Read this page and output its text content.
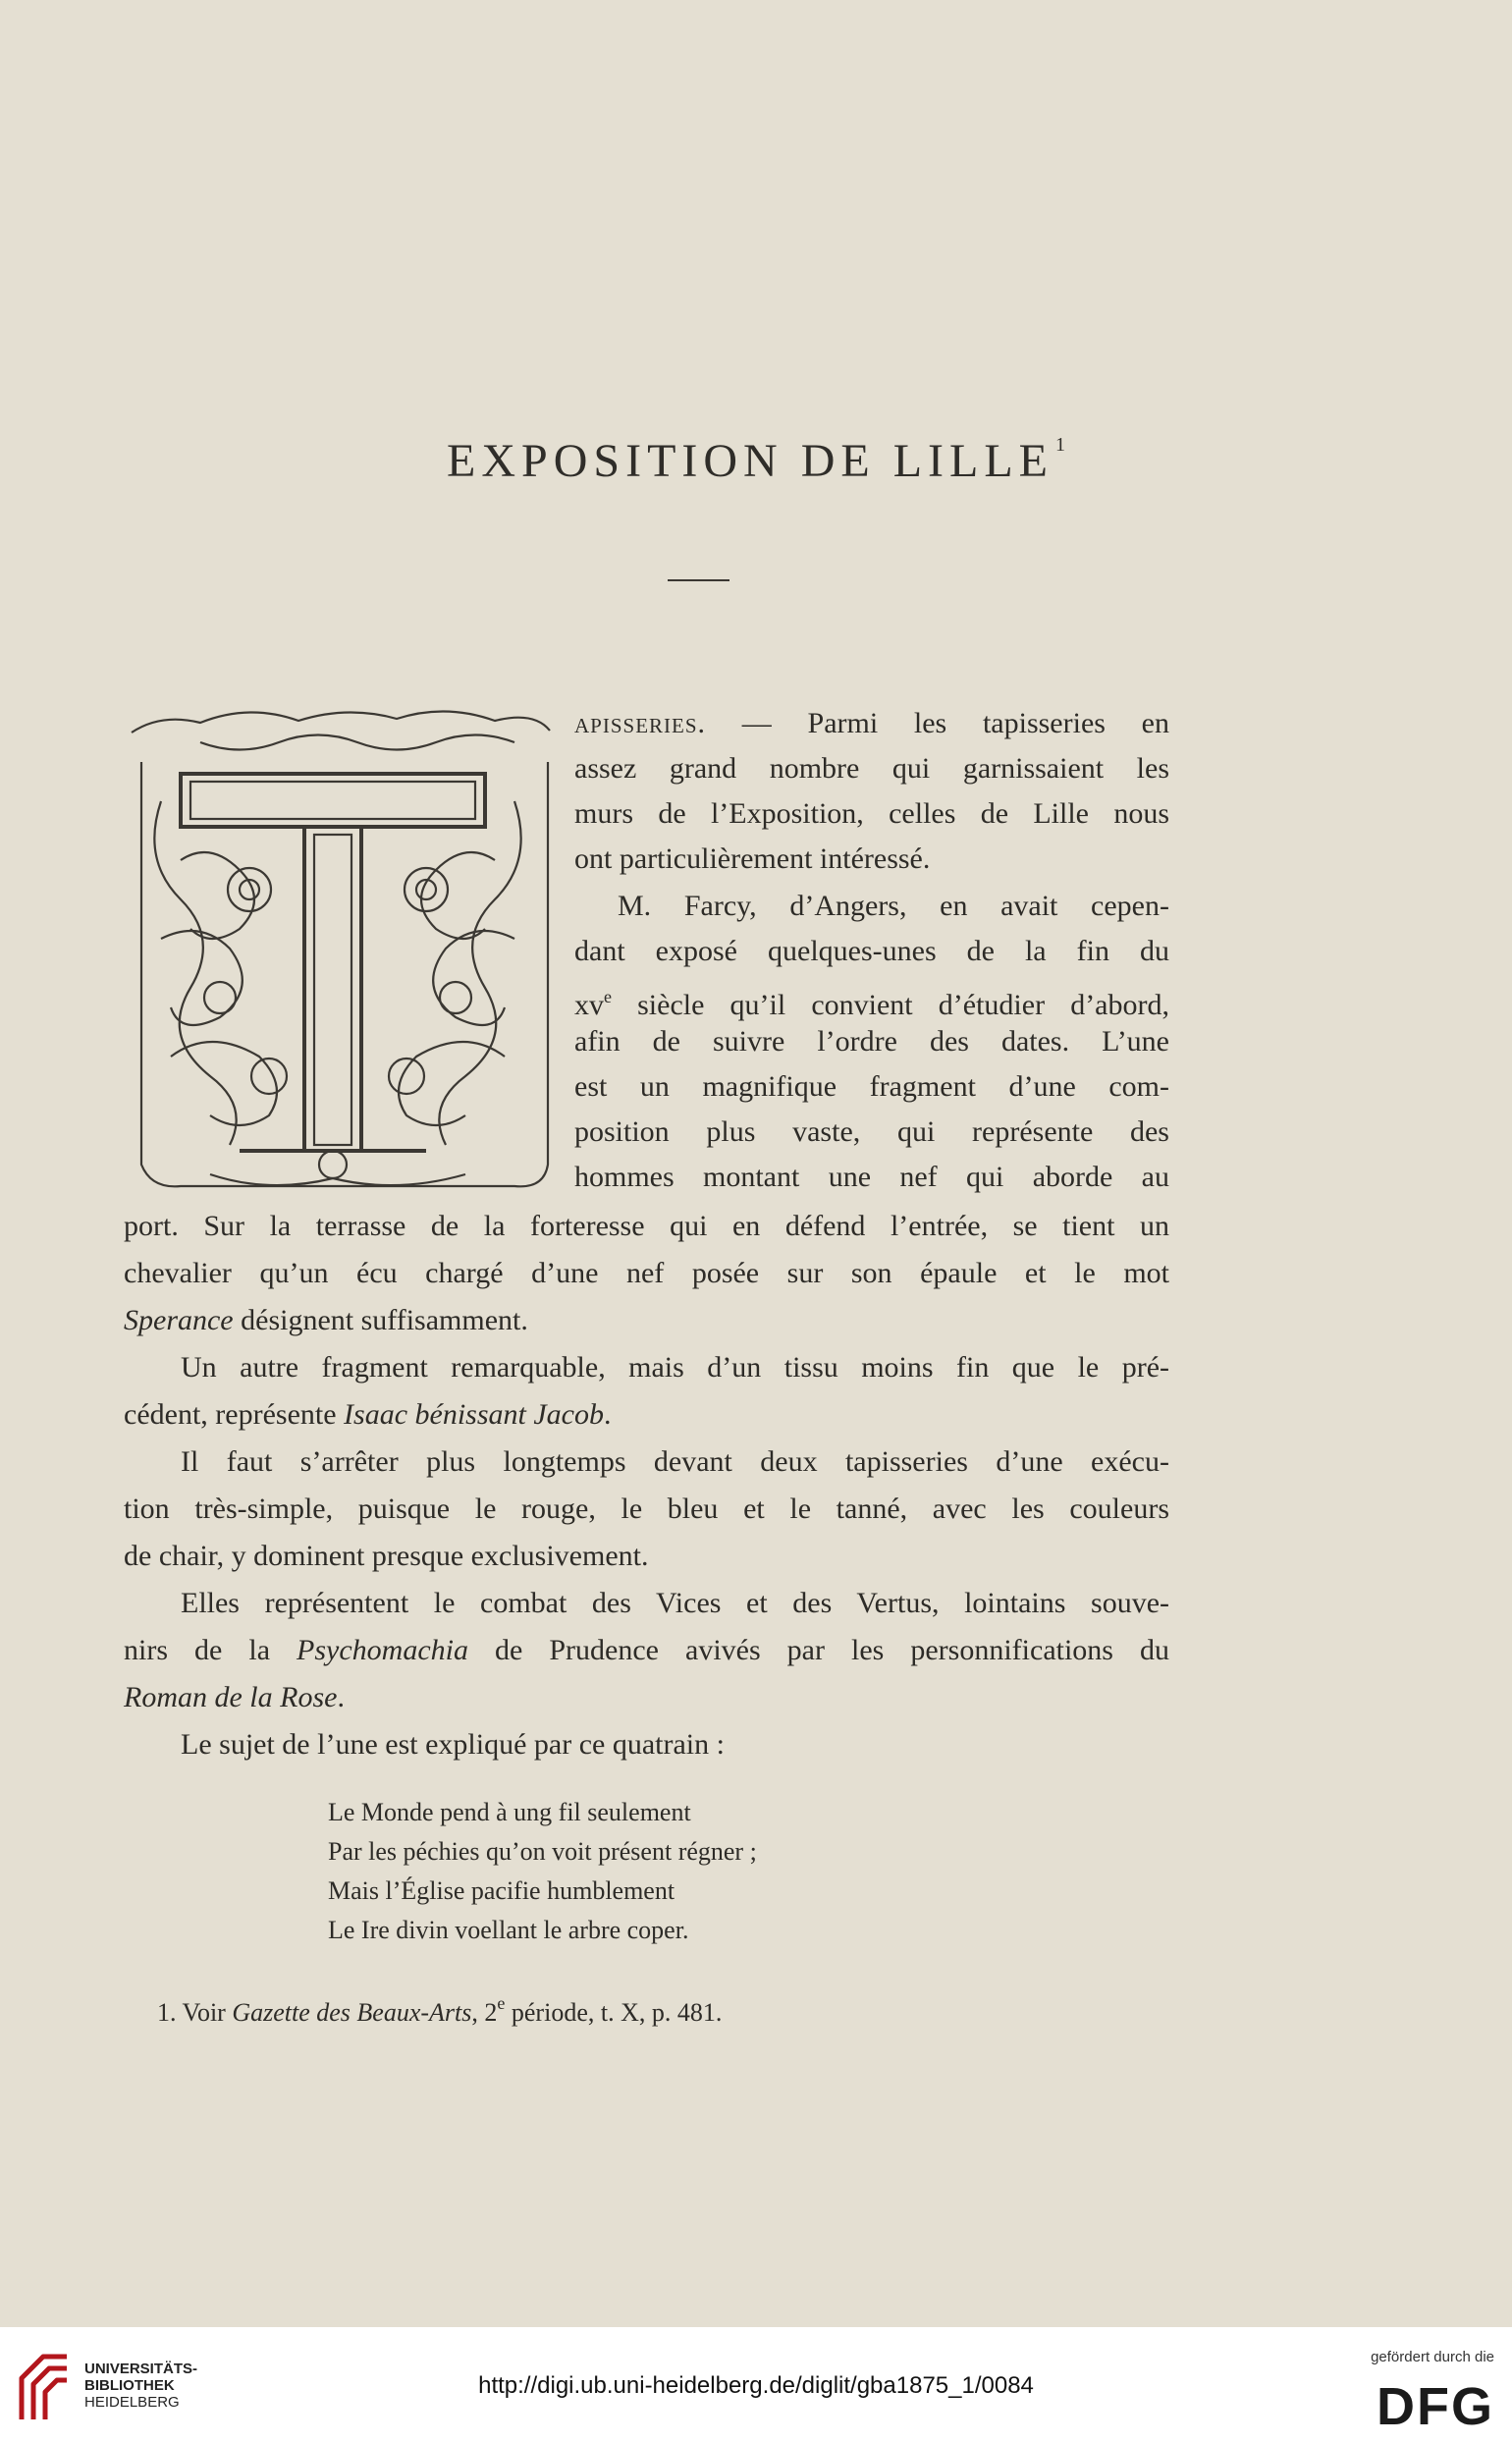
EXPOSITION DE LILLE $^1$
apisseries. — Parmi les tapisseries en
assez grand nombre qui garnissaient les
murs de l’Exposition, celles de Lille nous
ont particulièrement intéressé.
M. Farcy, d’Angers, en avait cepen-
dant exposé quelques-unes de la fin du
$xv^e$ siècle qu’il convient d’étudier d’abord,
afin de suivre l’ordre des dates. L’une
est un magnifique fragment d’une com-
position plus vaste, qui représente des
hommes montant une nef qui aborde au
port. Sur la terrasse de la forteresse qui en défend l’entrée, se tient un
chevalier qu’un écu chargé d’une nef posée sur son épaule et le mot
Sperance désignent suffisamment.
Un autre fragment remarquable, mais d’un tissu moins fin que le pré-
cédent, représente Isaac bénissant Jacob.
Il faut s’arrêter plus longtemps devant deux tapisseries d’une exécu-
tion très-simple, puisque le rouge, le bleu et le tanné, avec les couleurs
de chair, y dominent presque exclusivement.
Elles représentent le combat des Vices et des Vertus, lointains souve-
nirs de la Psychomachia de Prudence avivés par les personnifications du
Roman de la Rose.
Le sujet de l’une est expliqué par ce quatrain :
Le Monde pend à ung fil seulement
Par les péchies qu’on voit présent régner ;
Mais l’Église pacifie humblement
Le Ire divin voellant le arbre coper.
1. Voir Gazette des Beaux-Arts, 2e période, t. X, p. 481.
UNIVERSITÄTS-
BIBLIOTHEK
HEIDELBERG
http://digi.ub.uni-heidelberg.de/diglit/gba1875_1/0084
gefördert durch die
DFG
